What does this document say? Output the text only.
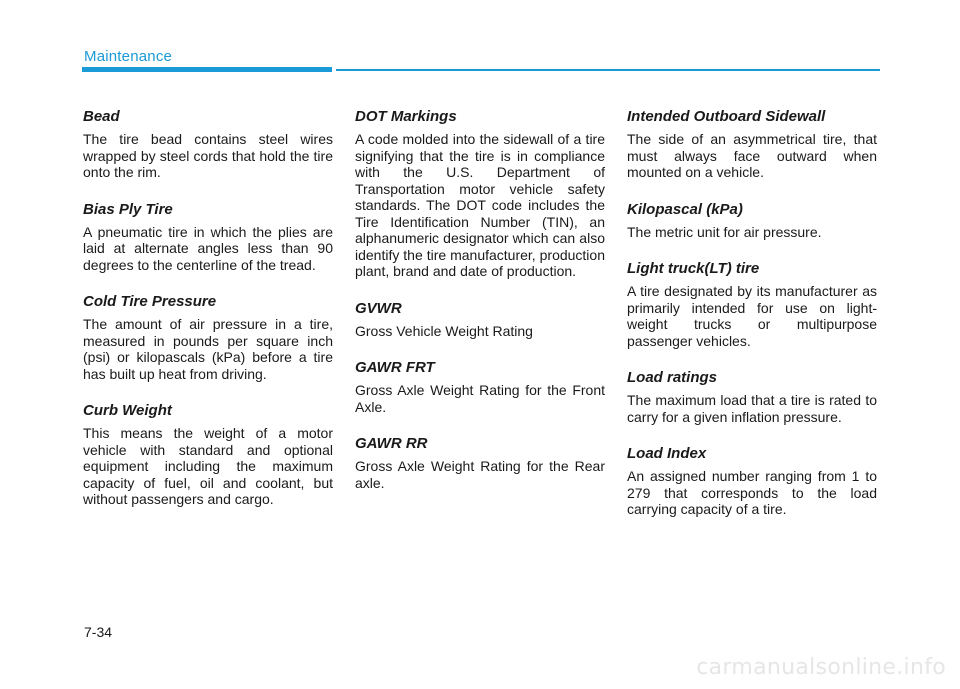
Maintenance
Bead
The tire bead contains steel wires wrapped by steel cords that hold the tire onto the rim.
Bias Ply Tire
A pneumatic tire in which the plies are laid at alternate angles less than 90 degrees to the centerline of the tread.
Cold Tire Pressure
The amount of air pressure in a tire, measured in pounds per square inch (psi) or kilopascals (kPa) before a tire has built up heat from driving.
Curb Weight
This means the weight of a motor vehicle with standard and optional equipment including the maximum capacity of fuel, oil and coolant, but without passengers and cargo.
DOT Markings
A code molded into the sidewall of a tire signifying that the tire is in compliance with the U.S. Department of Transportation motor vehicle safety standards. The DOT code includes the Tire Identification Number (TIN), an alphanumeric designator which can also identify the tire manufacturer, production plant, brand and date of production.
GVWR
Gross Vehicle Weight Rating
GAWR FRT
Gross Axle Weight Rating for the Front Axle.
GAWR RR
Gross Axle Weight Rating for the Rear axle.
Intended Outboard Sidewall
The side of an asymmetrical tire, that must always face outward when mounted on a vehicle.
Kilopascal (kPa)
The metric unit for air pressure.
Light truck(LT) tire
A tire designated by its manufacturer as primarily intended for use on light-weight trucks or multipurpose passenger vehicles.
Load ratings
The maximum load that a tire is rated to carry for a given inflation pressure.
Load Index
An assigned number ranging from 1 to 279 that corresponds to the load carrying capacity of a tire.
7-34
carmanualsonline.info
